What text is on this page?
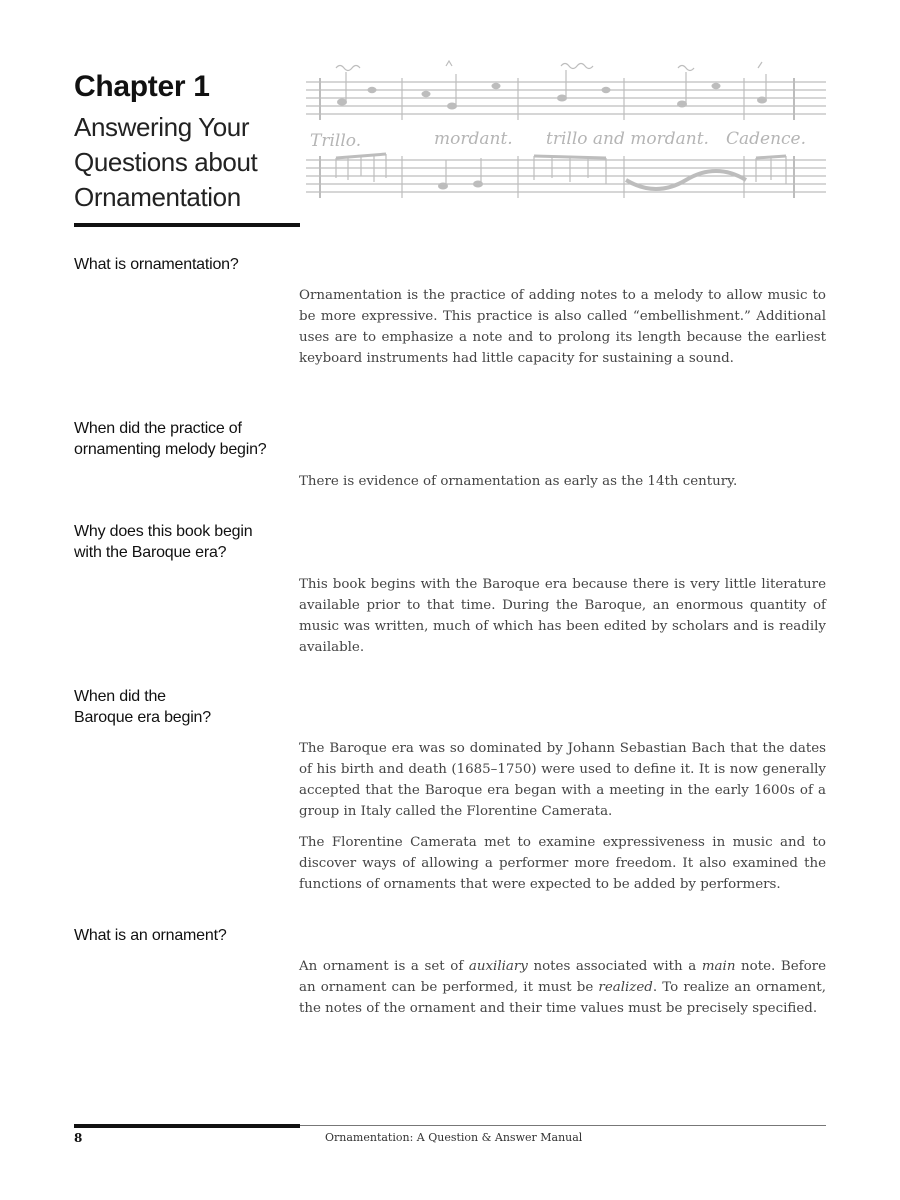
Chapter 1
Answering Your
Questions about
Ornamentation
Trillo.	mordant. trillo and mordant. Cadence.
What is ornamentation?

Ornamentation is the practice of adding notes to a melody to allow music to be more expressive. This practice is also called “embellishment.” Additional uses are to emphasize a note and to prolong its length because the earliest keyboard instruments had little capacity for sustaining a sound.

When did the practice of
ornamenting melody begin?

There is evidence of ornamentation as early as the 14th century.

Why does this book begin
with the Baroque era?

This book begins with the Baroque era because there is very little literature available prior to that time. During the Baroque, an enormous quantity of music was written, much of which has been edited by scholars and is readily available.

When did the
Baroque era begin?

The Baroque era was so dominated by Johann Sebastian Bach that the dates of his birth and death (1685–1750) were used to define it. It is now generally accepted that the Baroque era began with a meeting in the early 1600s of a group in Italy called the Florentine Camerata.

The Florentine Camerata met to examine expressiveness in music and to discover ways of allowing a performer more freedom. It also examined the functions of ornaments that were expected to be added by performers.

What is an ornament?

An ornament is a set of auxiliary notes associated with a main note. Before an ornament can be performed, it must be realized. To realize an ornament, the notes of the ornament and their time values must be precisely specified.

8	Ornamentation: A Question & Answer Manual
